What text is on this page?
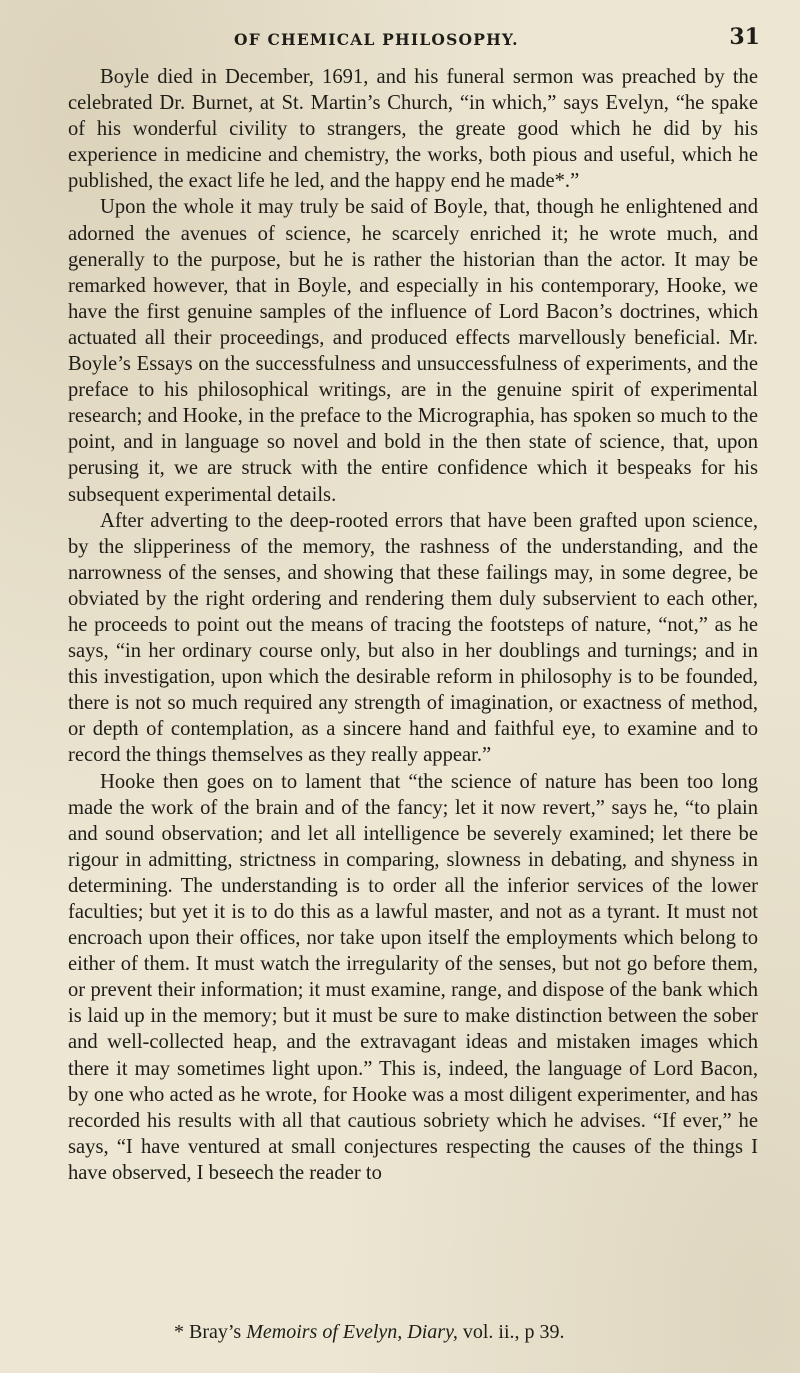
OF CHEMICAL PHILOSOPHY.	31

Boyle died in December, 1691, and his funeral sermon was preached by the celebrated Dr. Burnet, at St. Martin’s Church, “in which,” says Evelyn, “he spake of his wonderful civility to strangers, the greate good which he did by his experience in medicine and chemistry, the works, both pious and useful, which he published, the exact life he led, and the happy end he made*.”

Upon the whole it may truly be said of Boyle, that, though he enlightened and adorned the avenues of science, he scarcely enriched it; he wrote much, and generally to the purpose, but he is rather the historian than the actor. It may be remarked however, that in Boyle, and especially in his contemporary, Hooke, we have the first genuine samples of the influence of Lord Bacon’s doctrines, which actuated all their proceedings, and produced effects marvellously beneficial. Mr. Boyle’s Essays on the successfulness and unsuccessfulness of experiments, and the preface to his philosophical writings, are in the genuine spirit of experimental research; and Hooke, in the preface to the Micrographia, has spoken so much to the point, and in language so novel and bold in the then state of science, that, upon perusing it, we are struck with the entire confidence which it bespeaks for his subsequent experimental details.

After adverting to the deep-rooted errors that have been grafted upon science, by the slipperiness of the memory, the rashness of the understanding, and the narrowness of the senses, and showing that these failings may, in some degree, be obviated by the right ordering and rendering them duly subservient to each other, he proceeds to point out the means of tracing the footsteps of nature, “not,” as he says, “in her ordinary course only, but also in her doublings and turnings; and in this investigation, upon which the desirable reform in philosophy is to be founded, there is not so much required any strength of imagination, or exactness of method, or depth of contemplation, as a sincere hand and faithful eye, to examine and to record the things themselves as they really appear.”

Hooke then goes on to lament that “the science of nature has been too long made the work of the brain and of the fancy; let it now revert,” says he, “to plain and sound observation; and let all intelligence be severely examined; let there be rigour in admitting, strictness in comparing, slowness in debating, and shyness in determining. The understanding is to order all the inferior services of the lower faculties; but yet it is to do this as a lawful master, and not as a tyrant. It must not encroach upon their offices, nor take upon itself the employments which belong to either of them. It must watch the irregularity of the senses, but not go before them, or prevent their information; it must examine, range, and dispose of the bank which is laid up in the memory; but it must be sure to make distinction between the sober and well-collected heap, and the extravagant ideas and mistaken images which there it may sometimes light upon.” This is, indeed, the language of Lord Bacon, by one who acted as he wrote, for Hooke was a most diligent experimenter, and has recorded his results with all that cautious sobriety which he advises. “If ever,” he says, “I have ventured at small conjectures respecting the causes of the things I have observed, I beseech the reader to

* Bray’s Memoirs of Evelyn, Diary, vol. ii., p 39.
